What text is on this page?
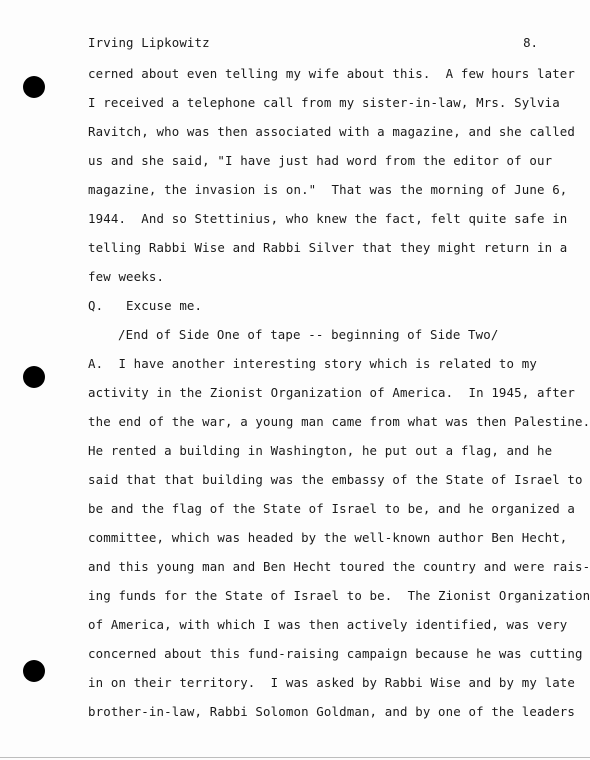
Irving Lipkowitz	8.
cerned about even telling my wife about this.  A few hours later
I received a telephone call from my sister-in-law, Mrs. Sylvia
Ravitch, who was then associated with a magazine, and she called
us and she said, "I have just had word from the editor of our
magazine, the invasion is on."  That was the morning of June 6,
1944.  And so Stettinius, who knew the fact, felt quite safe in
telling Rabbi Wise and Rabbi Silver that they might return in a
few weeks.
Q.   Excuse me.
/End of Side One of tape -- beginning of Side Two/
A.  I have another interesting story which is related to my
activity in the Zionist Organization of America.  In 1945, after
the end of the war, a young man came from what was then Palestine.
He rented a building in Washington, he put out a flag, and he
said that that building was the embassy of the State of Israel to
be and the flag of the State of Israel to be, and he organized a
committee, which was headed by the well-known author Ben Hecht,
and this young man and Ben Hecht toured the country and were rais-
ing funds for the State of Israel to be.  The Zionist Organization
of America, with which I was then actively identified, was very
concerned about this fund-raising campaign because he was cutting
in on their territory.  I was asked by Rabbi Wise and by my late
brother-in-law, Rabbi Solomon Goldman, and by one of the leaders
